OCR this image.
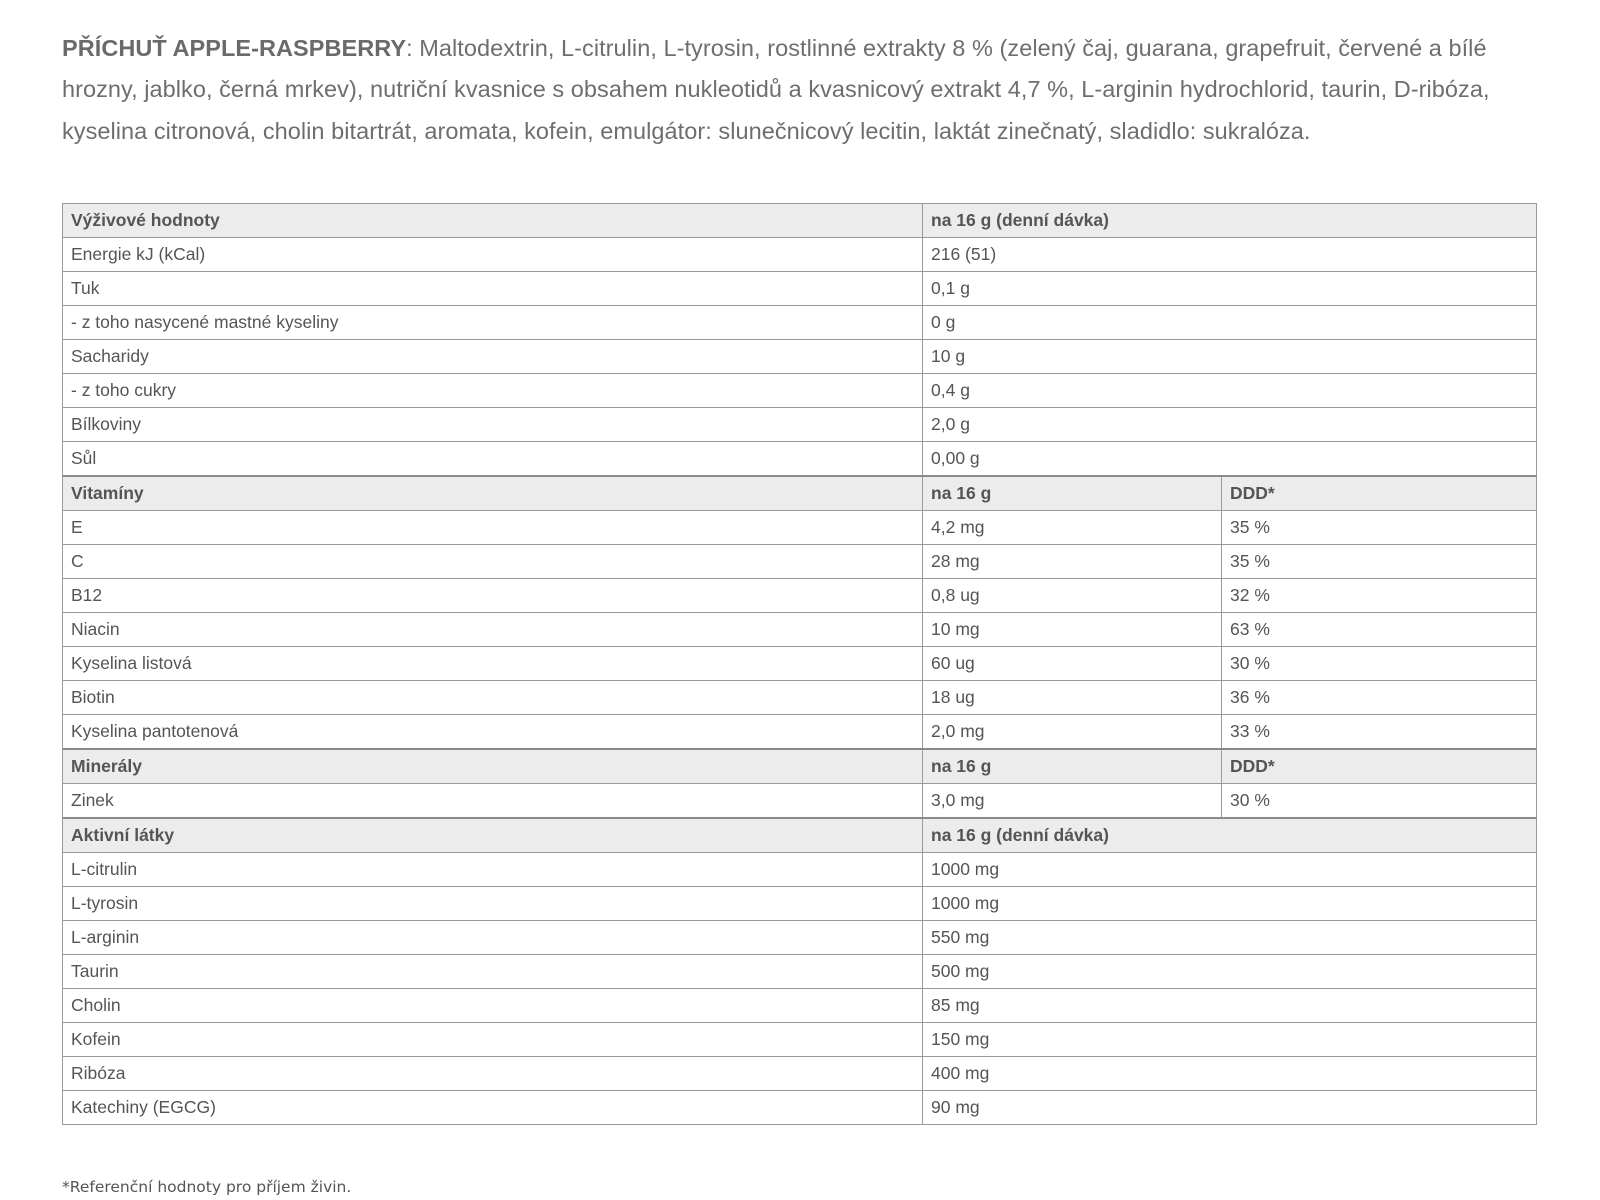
PŘÍCHUŤ APPLE-RASPBERRY: Maltodextrin, L-citrulin, L-tyrosin, rostlinné extrakty 8 % (zelený čaj, guarana, grapefruit, červené a bílé hrozny, jablko, černá mrkev), nutriční kvasnice s obsahem nukleotidů a kvasnicový extrakt 4,7 %, L-arginin hydrochlorid, taurin, D-ribóza, kyselina citronová, cholin bitartrát, aromata, kofein, emulgátor: slunečnicový lecitin, laktát zinečnatý, sladidlo: sukralóza.

Výživové hodnoty	na 16 g (denní dávka)	
Energie kJ (kCal)	216 (51)	
Tuk	0,1 g	
- z toho nasycené mastné kyseliny	0 g	
Sacharidy	10 g	
- z toho cukry	0,4 g	
Bílkoviny	2,0 g	
Sůl	0,00 g	
Vitamíny	na 16 g	DDD*
E	4,2 mg	35 %
C	28 mg	35 %
B12	0,8 ug	32 %
Niacin	10 mg	63 %
Kyselina listová	60 ug	30 %
Biotin	18 ug	36 %
Kyselina pantotenová	2,0 mg	33 %
Minerály	na 16 g	DDD*
Zinek	3,0 mg	30 %
Aktivní látky	na 16 g (denní dávka)	
L-citrulin	1000 mg	
L-tyrosin	1000 mg	
L-arginin	550 mg	
Taurin	500 mg	
Cholin	85 mg	
Kofein	150 mg	
Ribóza	400 mg	
Katechiny (EGCG)	90 mg	
*Referenční hodnoty pro příjem živin.
